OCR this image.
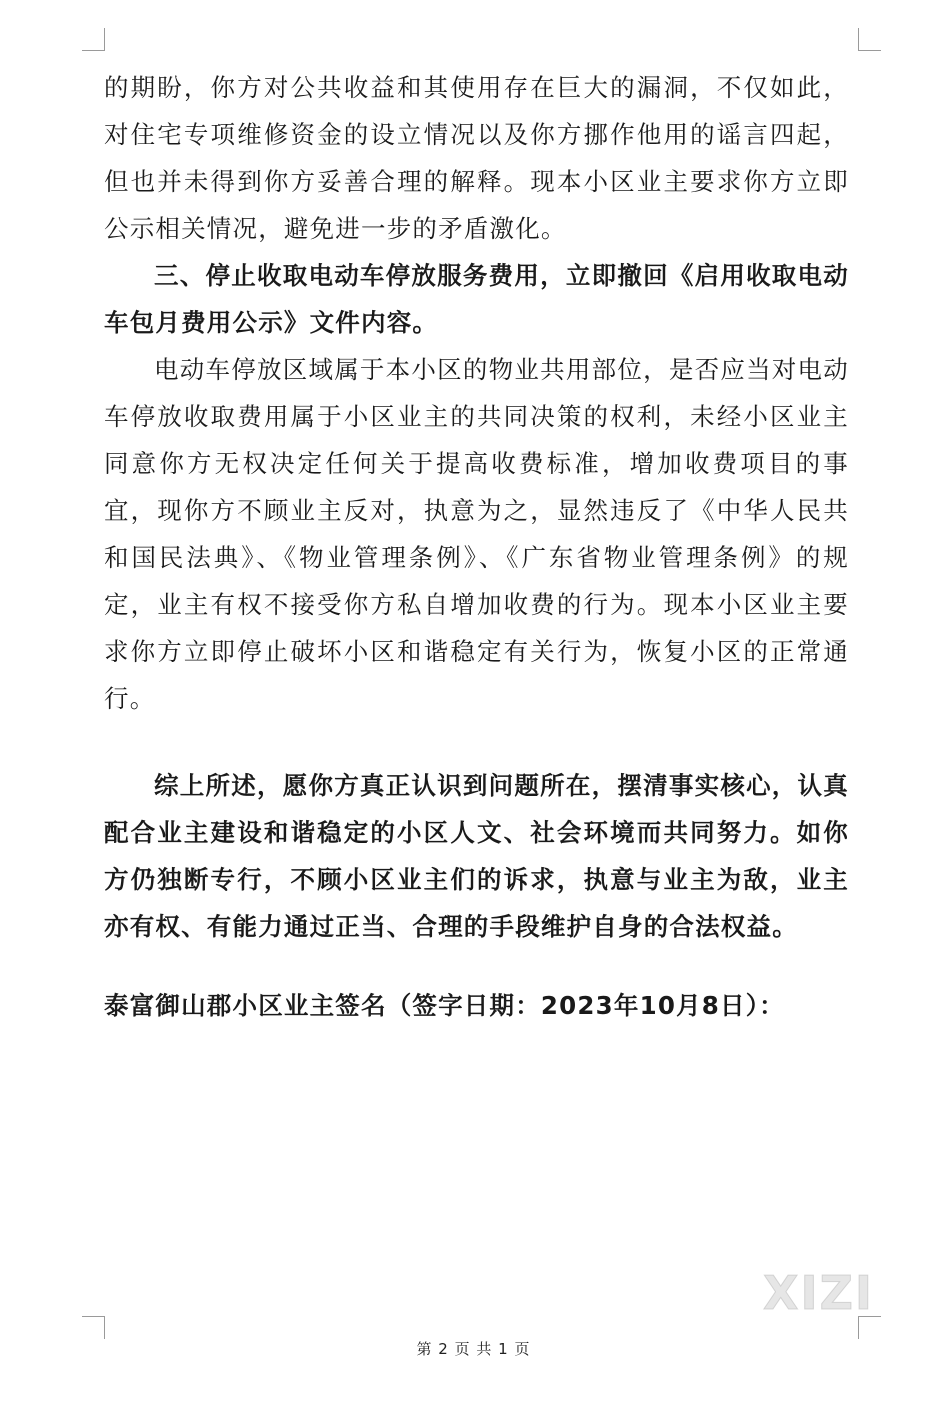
的期盼，你方对公共收益和其使用存在巨大的漏洞，不仅如此，对住宅专项维修资金的设立情况以及你方挪作他用的谣言四起，但也并未得到你方妥善合理的解释。现本小区业主要求你方立即公示相关情况，避免进一步的矛盾激化。

三、停止收取电动车停放服务费用，立即撤回《启用收取电动车包月费用公示》文件内容。

电动车停放区域属于本小区的物业共用部位，是否应当对电动车停放收取费用属于小区业主的共同决策的权利，未经小区业主同意你方无权决定任何关于提高收费标准，增加收费项目的事宜，现你方不顾业主反对，执意为之，显然违反了《中华人民共和国民法典》、《物业管理条例》、《广东省物业管理条例》的规定，业主有权不接受你方私自增加收费的行为。现本小区业主要求你方立即停止破坏小区和谐稳定有关行为，恢复小区的正常通行。

综上所述，愿你方真正认识到问题所在，摆清事实核心，认真配合业主建设和谐稳定的小区人文、社会环境而共同努力。如你方仍独断专行，不顾小区业主们的诉求，执意与业主为敌，业主亦有权、有能力通过正当、合理的手段维护自身的合法权益。

泰富御山郡小区业主签名（签字日期：2023年10月8日）：

XIZI
第 2 页 共 1 页
